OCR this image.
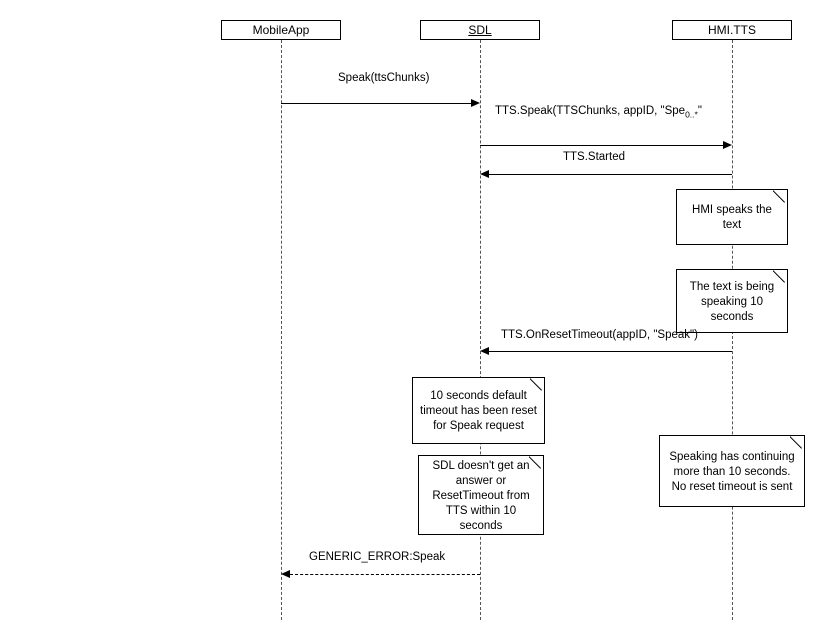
MobileApp	SDL	HMI.TTS
Speak(ttsChunks)
TTS.Speak(TTSChunks, appID, "Spe$_{0..*}$"
TTS.Started
HMI speaks the text
The text is being speaking 10 seconds
TTS.OnResetTimeout(appID, "Speak")
10 seconds default timeout has been reset for Speak request
SDL doesn't get an answer or ResetTimeout from TTS within 10 seconds
Speaking has continuing more than 10 seconds. No reset timeout is sent
GENERIC_ERROR:Speak
